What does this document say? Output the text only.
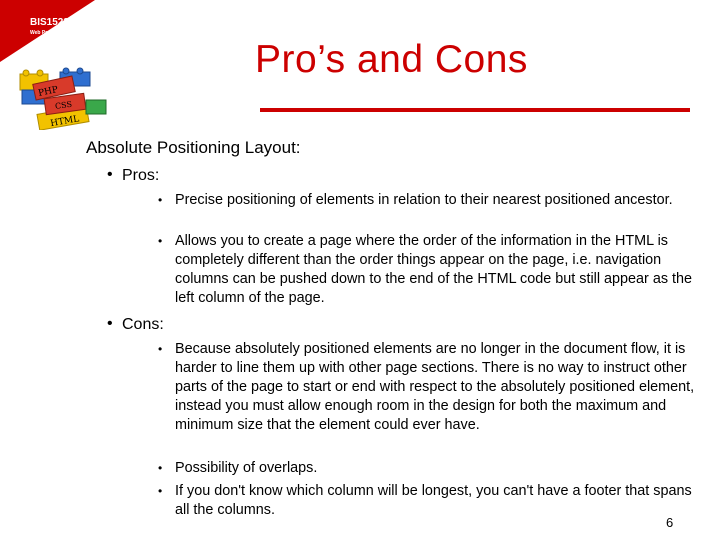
BIS1523
Web Programming 1
PHP
CSS
HTML
Pro’s and Cons
Absolute Positioning Layout:
• Pros:
• Precise positioning of elements in relation to their nearest positioned ancestor.
• Allows you to create a page where the order of the information in the HTML is completely different than the order things appear on the page, i.e. navigation columns can be pushed down to the end of the HTML code but still appear as the left column of the page.
• Cons:
• Because absolutely positioned elements are no longer in the document flow, it is harder to line them up with other page sections. There is no way to instruct other parts of the page to start or end with respect to the absolutely positioned element, instead you must allow enough room in the design for both the maximum and minimum size that the element could ever have.
• Possibility of overlaps.
• If you don't know which column will be longest, you can't have a footer that spans all the columns.
6
